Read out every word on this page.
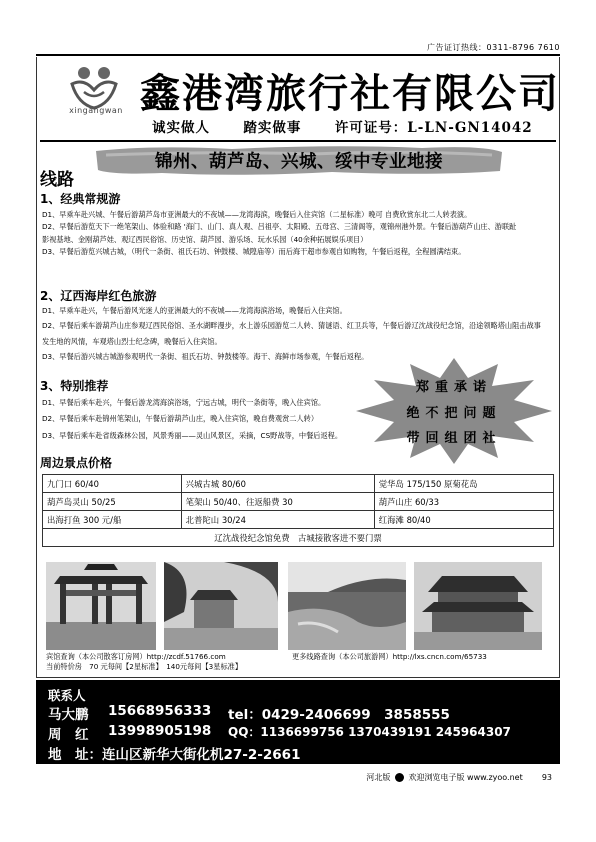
广告证订热线：0311-8796 7610
xingangwan 鑫港湾旅行社有限公司
诚实做人 踏实做事 许可证号：L-LN-GN14042
锦州、葫芦岛、兴城、绥中专业地接
线路
1、经典常规游
D1、早乘车赴兴城、午餐后游葫芦岛市亚洲最大的不夜城——龙湾海滨，晚餐后入住宾馆（二星标准）晚可 自费欣赏东北二人转表演。
D2、早餐后游览天下一绝笔架山、体验和路 '海门、山门、真人观、吕祖亭、太阳殿、五母宫、三清阁等，观锦州港外景。午餐后游葫芦山庄、游联趾
影视基地、金刚葫芦娃、观辽西民俗馆、历史馆、葫芦园、游乐场、玩水乐园（40余种拓展娱乐项目）
D3、早餐后游览兴城古城，（明代一条街、祖氏石坊、钟鼓楼、城隍庙等）而后海干超市参观自如购物，午餐后返程，全程圆满结束。
2、辽西海岸红色旅游
D1、早乘车赴兴，午餐后游风光迷人的亚洲最大的不夜城——龙湾海滨浴场，晚餐后入住宾馆。
D2、早餐后乘车游葫芦山庄参观辽西民俗馆、圣水湖畔漫步，水上游乐园游览二人转、猜谜语、红卫兵等，午餐后游辽沈战役纪念馆，沿途领略塔山阻击战事
发生地的风情，车观塔山烈士纪念碑，晚餐后入住宾馆。
D3、早餐后游兴城古城游参观明代一条街、祖氏石坊、钟鼓楼等。海干、海鲜市场参观，午餐后返程。
3、特别推荐
D1、早餐后乘车赴兴，午餐后游龙湾海滨浴场，宁远古城，明代一条街等，晚入住宾馆。
D2、早餐后乘车赴锦州笔架山，午餐后游葫芦山庄，晚入住宾馆，晚自费观赏二人转）
D3、早餐后乘车赴省级森林公园，风景秀丽——灵山风景区，采摘，CS野战等，中餐后返程。
郑重承诺
绝不把问题
带回组团社
周边景点价格
九门口 60/40	兴城古城 80/60	觉华岛 175/150 原菊花岛
葫芦岛灵山 50/25	笔架山 50/40、往返船费 30	葫芦山庄 60/33
出海打鱼 300 元/船	北普陀山 30/24	红海滩 80/40
辽沈战役纪念馆免费　古城接散客进不要门票		
宾馆查询（本公司散客订房网）http://zcdf.51766.com
当前特价房　70 元每间【2星标准】　140元每间【3星标准】
更多线路查询（本公司旅游网）http://lxs.cncn.com/65733
联系人
马大鹏 15668956333 tel：0429-2406699　3858555
周　红 13998905198 QQ：1136699756 1370439191 245964307
地　址：连山区新华大街化机27-2-2661
河北版 欢迎浏览电子版 www.zyoo.net 93
